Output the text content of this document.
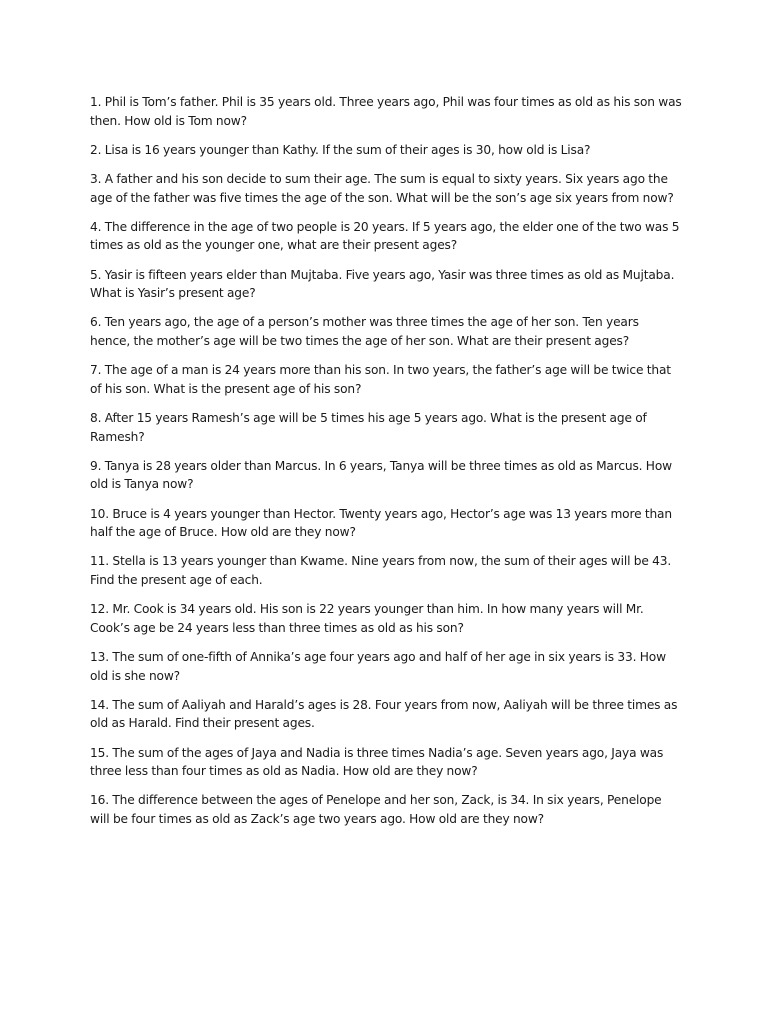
1. Phil is Tom’s father. Phil is 35 years old. Three years ago, Phil was four times as old as his son was then. How old is Tom now?
2. Lisa is 16 years younger than Kathy. If the sum of their ages is 30, how old is Lisa?
3. A father and his son decide to sum their age. The sum is equal to sixty years. Six years ago the age of the father was five times the age of the son. What will be the son’s age six years from now?
4. The difference in the age of two people is 20 years. If 5 years ago, the elder one of the two was 5 times as old as the younger one, what are their present ages?
5. Yasir is fifteen years elder than Mujtaba. Five years ago, Yasir was three times as old as Mujtaba. What is Yasir’s present age?
6. Ten years ago, the age of a person’s mother was three times the age of her son. Ten years hence, the mother’s age will be two times the age of her son. What are their present ages?
7. The age of a man is 24 years more than his son. In two years, the father’s age will be twice that of his son. What is the present age of his son?
8. After 15 years Ramesh’s age will be 5 times his age 5 years ago. What is the present age of Ramesh?
9. Tanya is 28 years older than Marcus. In 6 years, Tanya will be three times as old as Marcus. How old is Tanya now?
10. Bruce is 4 years younger than Hector. Twenty years ago, Hector’s age was 13 years more than half the age of Bruce. How old are they now?
11. Stella is 13 years younger than Kwame. Nine years from now, the sum of their ages will be 43. Find the present age of each.
12. Mr. Cook is 34 years old. His son is 22 years younger than him. In how many years will Mr. Cook’s age be 24 years less than three times as old as his son?
13. The sum of one-fifth of Annika’s age four years ago and half of her age in six years is 33. How old is she now?
14. The sum of Aaliyah and Harald’s ages is 28. Four years from now, Aaliyah will be three times as old as Harald. Find their present ages.
15. The sum of the ages of Jaya and Nadia is three times Nadia’s age. Seven years ago, Jaya was three less than four times as old as Nadia. How old are they now?
16. The difference between the ages of Penelope and her son, Zack, is 34. In six years, Penelope will be four times as old as Zack’s age two years ago. How old are they now?
